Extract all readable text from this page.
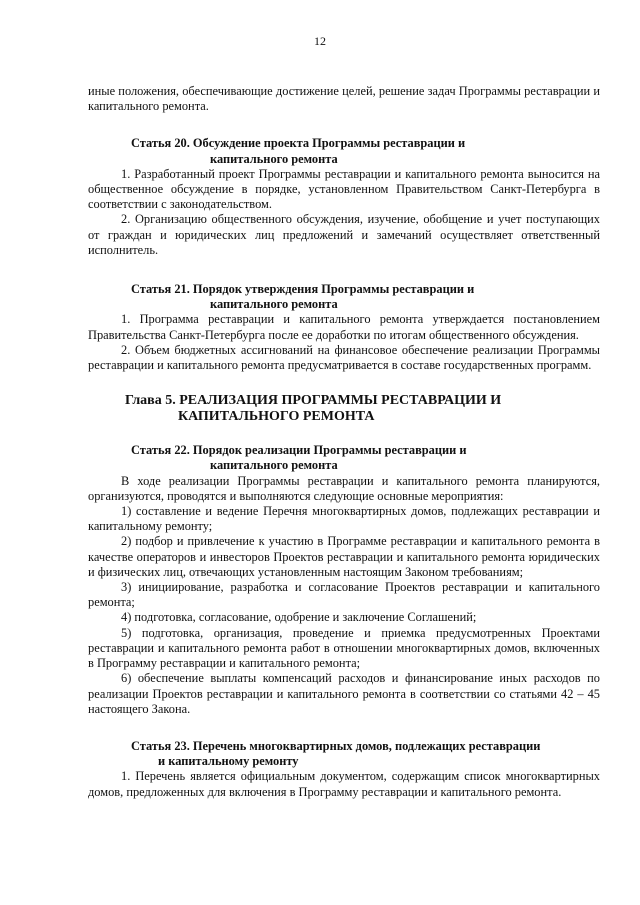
12

иные положения, обеспечивающие достижение целей, решение задач Программы реставрации и капитального ремонта.

Статья 20. Обсуждение проекта Программы реставрации и
капитального ремонта

1. Разработанный проект Программы реставрации и капитального ремонта выносится на общественное обсуждение в порядке, установленном Правительством Санкт-Петербурга в соответствии с законодательством.

2. Организацию общественного обсуждения, изучение, обобщение и учет поступающих от граждан и юридических лиц предложений и замечаний осуществляет ответственный исполнитель.

Статья 21. Порядок утверждения Программы реставрации и
капитального ремонта

1. Программа реставрации и капитального ремонта утверждается постановлением Правительства Санкт-Петербурга после ее доработки по итогам общественного обсуждения.

2. Объем бюджетных ассигнований на финансовое обеспечение реализации Программы реставрации и капитального ремонта предусматривается в составе государственных программ.

Глава 5. РЕАЛИЗАЦИЯ ПРОГРАММЫ РЕСТАВРАЦИИ И
КАПИТАЛЬНОГО РЕМОНТА
Статья 22. Порядок реализации Программы реставрации и
капитального ремонта

В ходе реализации Программы реставрации и капитального ремонта планируются, организуются, проводятся и выполняются следующие основные мероприятия:

1) составление и ведение Перечня многоквартирных домов, подлежащих реставрации и капитальному ремонту;

2) подбор и привлечение к участию в Программе реставрации и капитального ремонта в качестве операторов и инвесторов Проектов реставрации и капитального ремонта юридических и физических лиц, отвечающих установленным настоящим Законом требованиям;

3) инициирование, разработка и согласование Проектов реставрации и капитального ремонта;

4) подготовка, согласование, одобрение и заключение Соглашений;

5) подготовка, организация, проведение и приемка предусмотренных Проектами реставрации и капитального ремонта работ в отношении многоквартирных домов, включенных в Программу реставрации и капитального ремонта;

6) обеспечение выплаты компенсаций расходов и финансирование иных расходов по реализации Проектов реставрации и капитального ремонта в соответствии со статьями 42 – 45 настоящего Закона.

Статья 23. Перечень многоквартирных домов, подлежащих реставрации
и капитальному ремонту

1. Перечень является официальным документом, содержащим список многоквартирных домов, предложенных для включения в Программу реставрации и капитального ремонта.
